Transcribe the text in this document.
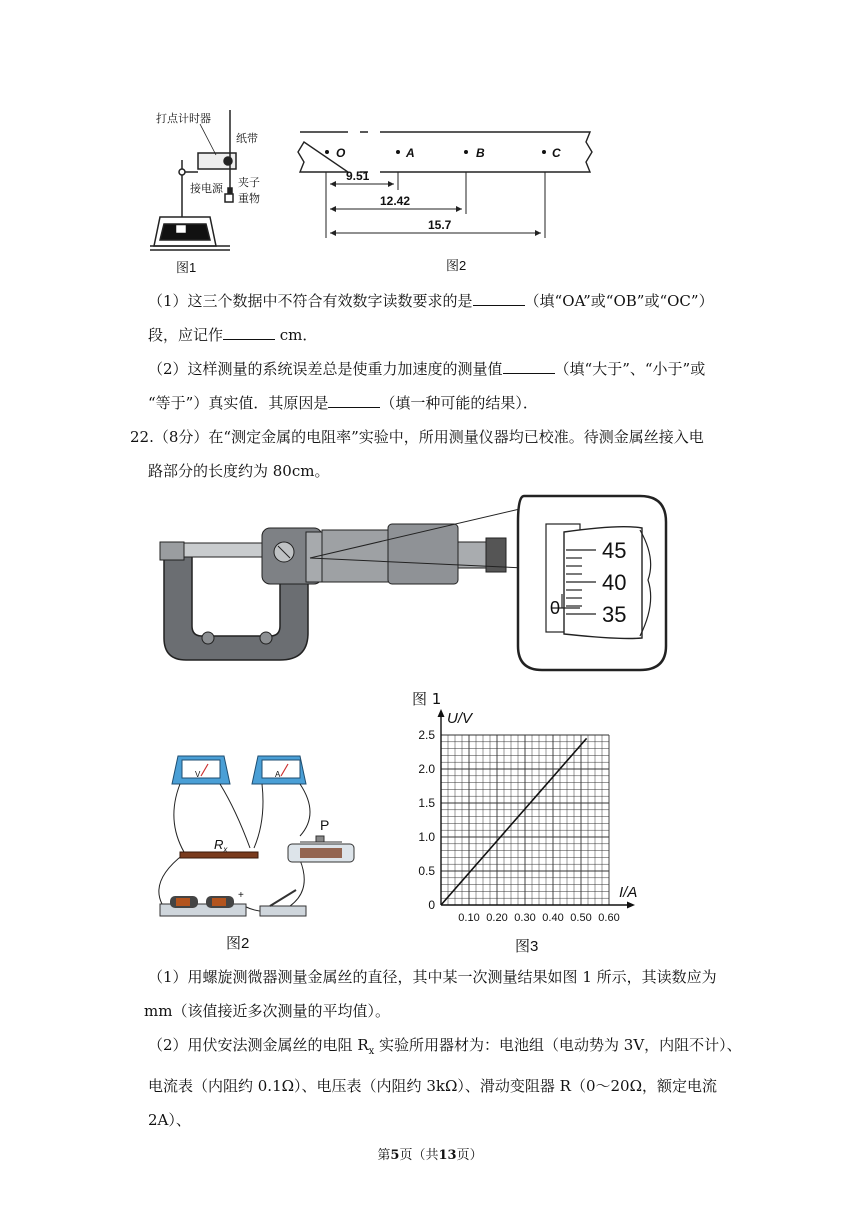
打点计时器
纸带
接电源 夹子
重物
O	A	B	C
9.51
12.42
15.7
图1	图2
（1）这三个数据中不符合有效数字读数要求的是	（填“OA”或“OB”或“OC”）
段，应记作	cm．
（2）这样测量的系统误差总是使重力加速度的测量值	（填“大于”、“小于”或
“等于”）真实值．其原因是	（填一种可能的结果）．
22.（8分）在“测定金属的电阻率”实验中，所用测量仪器均已校准。待测金属丝接入电
路部分的长度约为 80cm。
45
40
35
0
图 1
V	A
$R_x$
P
+
图2
0.10 0.20 0.30 0.40 0.50 0.60
0
0.5
1.0
1.5
2.0
2.5
U/V
I/A
图3
（1）用螺旋测微器测量金属丝的直径，其中某一次测量结果如图 1 所示，其读数应为
mm（该值接近多次测量的平均值）。
（2）用伏安法测金属丝的电阻 $R_x$ 实验所用器材为：电池组（电动势为 3V，内阻不计）、
电流表（内阻约 0.1Ω）、电压表（内阻约 3kΩ）、滑动变阻器 R（0～20Ω，额定电流 2A）、
第5页（共13页）
